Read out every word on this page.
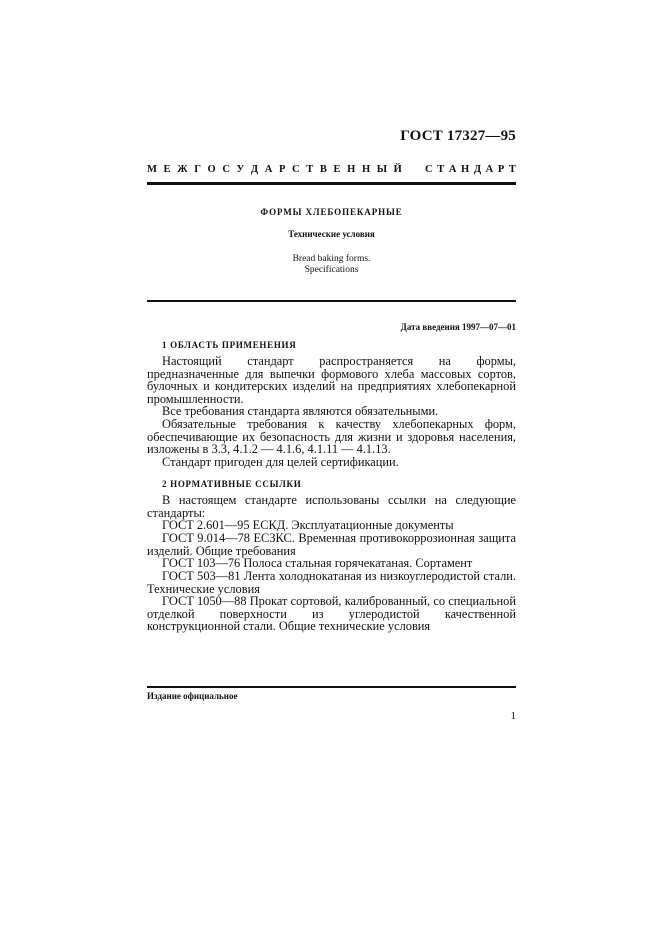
ГОСТ 17327—95
М Е Ж Г О С У Д А Р С Т В Е Н Н Ы Й С Т А Н Д А Р Т
ФОРМЫ ХЛЕБОПЕКАРНЫЕ
Технические условия
Bread baking forms.
Specifications
Дата введения 1997—07—01
1 ОБЛАСТЬ ПРИМЕНЕНИЯ

Настоящий стандарт распространяется на формы, предназначенные для выпечки формового хлеба массовых сортов, булочных и кондитерских изделий на предприятиях хлебопекарной промышленности.

Все требования стандарта являются обязательными.

Обязательные требования к качеству хлебопекарных форм, обеспечивающие их безопасность для жизни и здоровья населения, изложены в 3.3, 4.1.2 — 4.1.6, 4.1.11 — 4.1.13.

Стандарт пригоден для целей сертификации.

2 НОРМАТИВНЫЕ ССЫЛКИ

В настоящем стандарте использованы ссылки на следующие стандарты:

ГОСТ 2.601—95 ЕСКД. Эксплуатационные документы

ГОСТ 9.014—78 ЕСЗКС. Временная противокоррозионная защита изделий. Общие требования

ГОСТ 103—76 Полоса стальная горячекатаная. Сортамент

ГОСТ 503—81 Лента холоднокатаная из низкоуглеродистой стали. Технические условия

ГОСТ 1050—88 Прокат сортовой, калиброванный, со специальной отделкой поверхности из углеродистой качественной конструкционной стали. Общие технические условия

Издание официальное
1
